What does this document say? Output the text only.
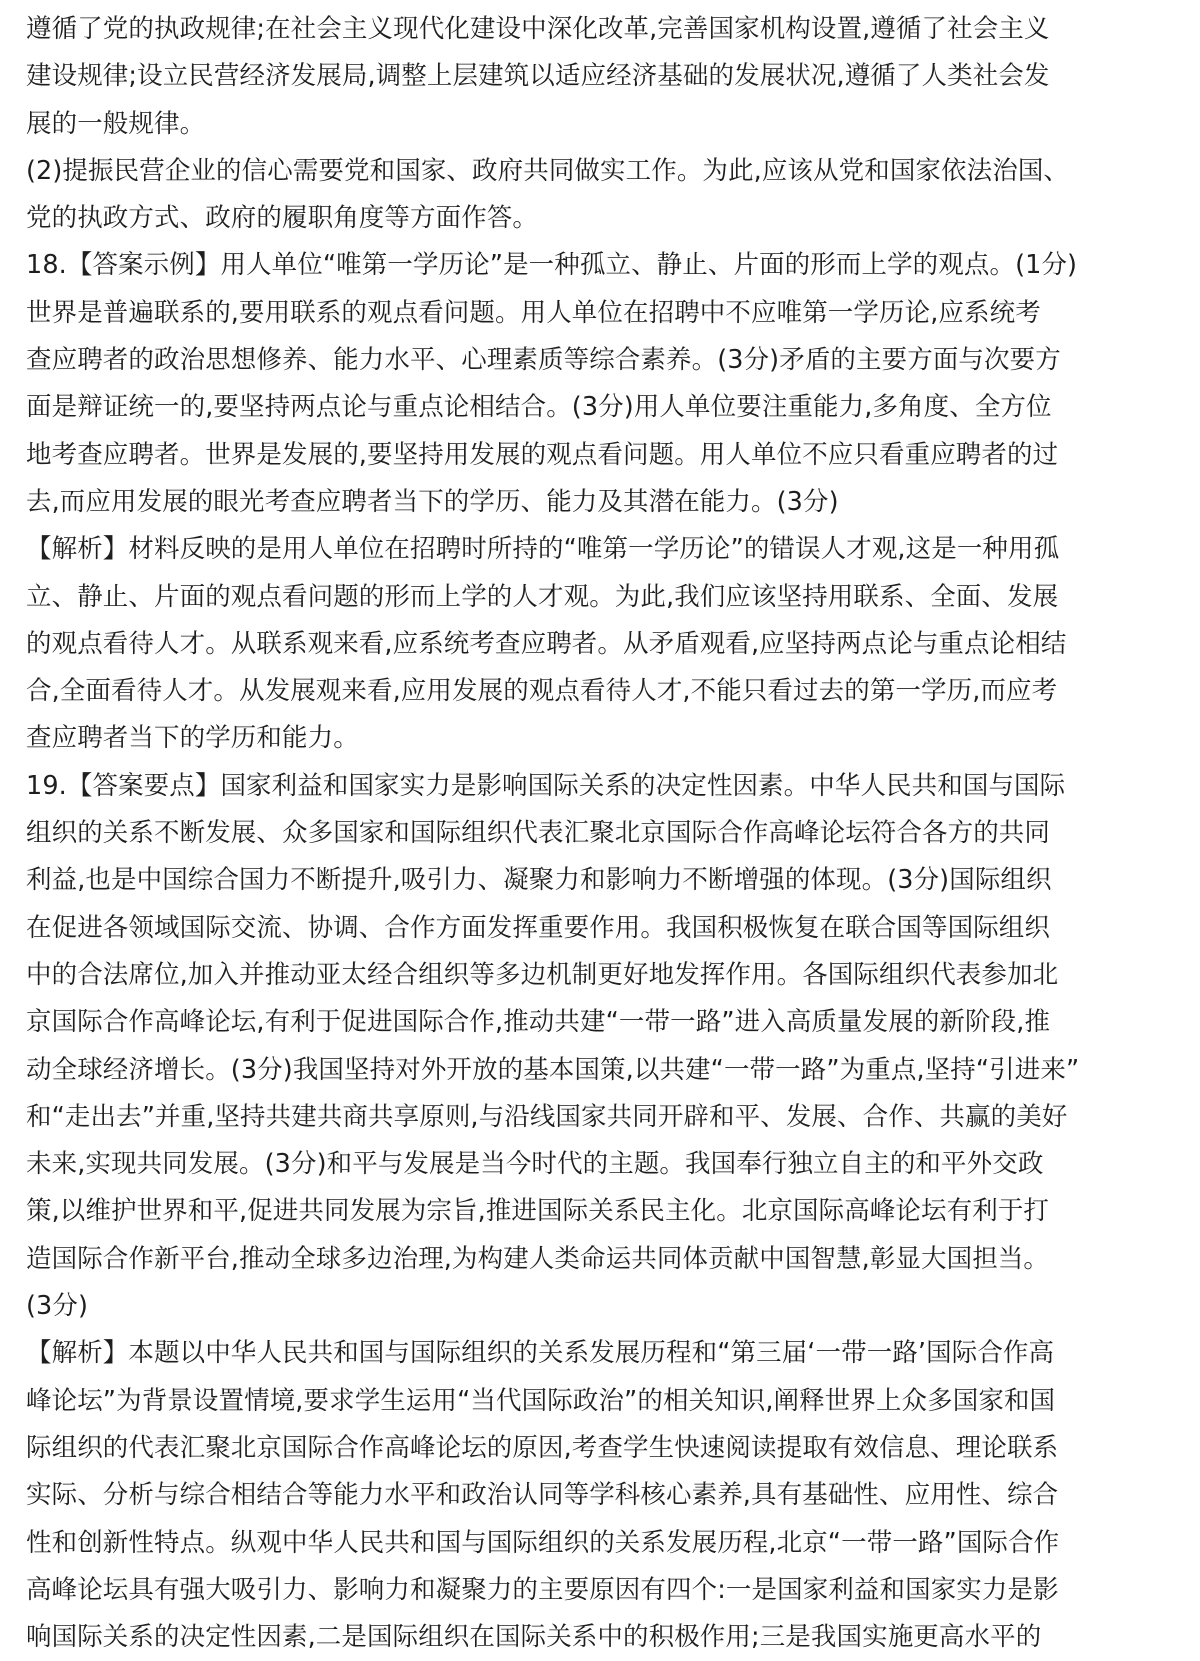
遵循了党的执政规律;在社会主义现代化建设中深化改革,完善国家机构设置,遵循了社会主义
建设规律;设立民营经济发展局,调整上层建筑以适应经济基础的发展状况,遵循了人类社会发
展的一般规律。
(2)提振民营企业的信心需要党和国家、政府共同做实工作。为此,应该从党和国家依法治国、
党的执政方式、政府的履职角度等方面作答。
18.【答案示例】用人单位“唯第一学历论”是一种孤立、静止、片面的形而上学的观点。(1分)
世界是普遍联系的,要用联系的观点看问题。用人单位在招聘中不应唯第一学历论,应系统考
查应聘者的政治思想修养、能力水平、心理素质等综合素养。(3分)矛盾的主要方面与次要方
面是辩证统一的,要坚持两点论与重点论相结合。(3分)用人单位要注重能力,多角度、全方位
地考查应聘者。世界是发展的,要坚持用发展的观点看问题。用人单位不应只看重应聘者的过
去,而应用发展的眼光考查应聘者当下的学历、能力及其潜在能力。(3分)
【解析】材料反映的是用人单位在招聘时所持的“唯第一学历论”的错误人才观,这是一种用孤
立、静止、片面的观点看问题的形而上学的人才观。为此,我们应该坚持用联系、全面、发展
的观点看待人才。从联系观来看,应系统考查应聘者。从矛盾观看,应坚持两点论与重点论相结
合,全面看待人才。从发展观来看,应用发展的观点看待人才,不能只看过去的第一学历,而应考
查应聘者当下的学历和能力。
19.【答案要点】国家利益和国家实力是影响国际关系的决定性因素。中华人民共和国与国际
组织的关系不断发展、众多国家和国际组织代表汇聚北京国际合作高峰论坛符合各方的共同
利益,也是中国综合国力不断提升,吸引力、凝聚力和影响力不断增强的体现。(3分)国际组织
在促进各领域国际交流、协调、合作方面发挥重要作用。我国积极恢复在联合国等国际组织
中的合法席位,加入并推动亚太经合组织等多边机制更好地发挥作用。各国际组织代表参加北
京国际合作高峰论坛,有利于促进国际合作,推动共建“一带一路”进入高质量发展的新阶段,推
动全球经济增长。(3分)我国坚持对外开放的基本国策,以共建“一带一路”为重点,坚持“引进来”
和“走出去”并重,坚持共建共商共享原则,与沿线国家共同开辟和平、发展、合作、共赢的美好
未来,实现共同发展。(3分)和平与发展是当今时代的主题。我国奉行独立自主的和平外交政
策,以维护世界和平,促进共同发展为宗旨,推进国际关系民主化。北京国际高峰论坛有利于打
造国际合作新平台,推动全球多边治理,为构建人类命运共同体贡献中国智慧,彰显大国担当。
(3分)
【解析】本题以中华人民共和国与国际组织的关系发展历程和“第三届‘一带一路’国际合作高
峰论坛”为背景设置情境,要求学生运用“当代国际政治”的相关知识,阐释世界上众多国家和国
际组织的代表汇聚北京国际合作高峰论坛的原因,考查学生快速阅读提取有效信息、理论联系
实际、分析与综合相结合等能力水平和政治认同等学科核心素养,具有基础性、应用性、综合
性和创新性特点。纵观中华人民共和国与国际组织的关系发展历程,北京“一带一路”国际合作
高峰论坛具有强大吸引力、影响力和凝聚力的主要原因有四个:一是国家利益和国家实力是影
响国际关系的决定性因素,二是国际组织在国际关系中的积极作用;三是我国实施更高水平的
